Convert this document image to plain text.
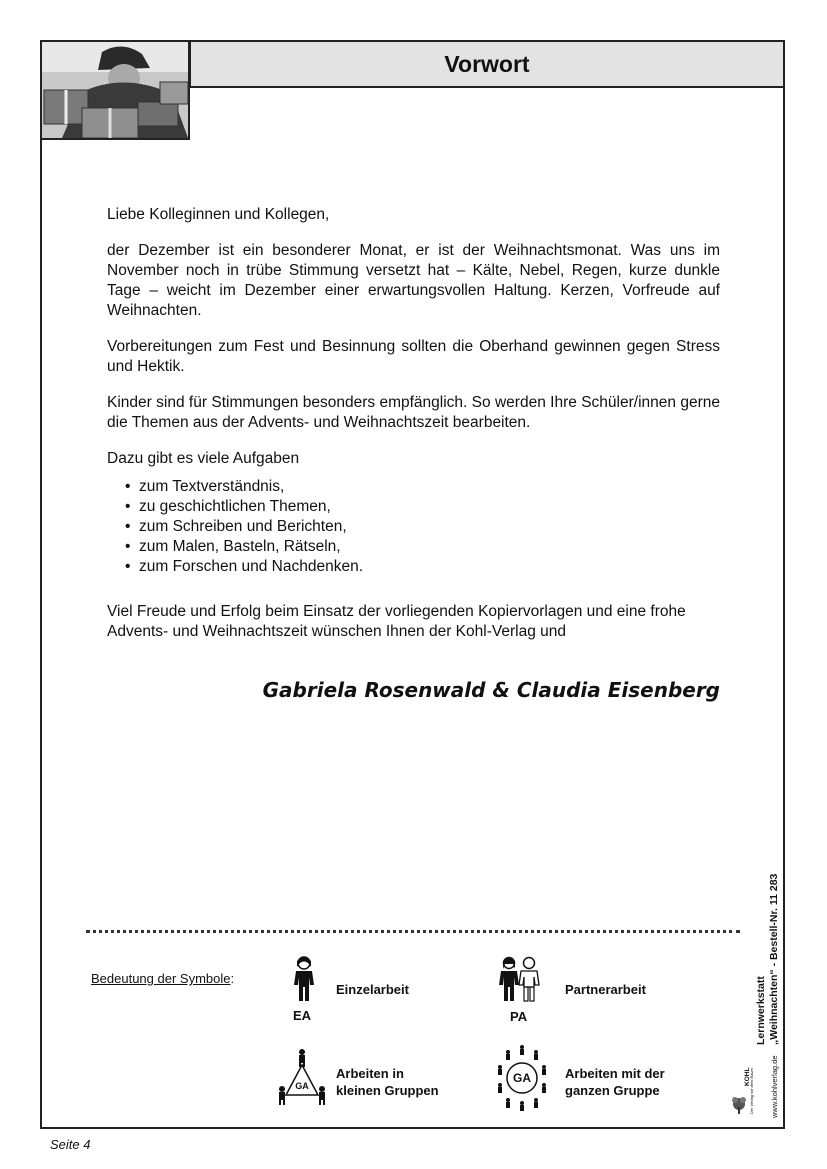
Vorwort

Liebe Kolleginnen und Kollegen,

der Dezember ist ein besonderer Monat, er ist der Weihnachtsmonat. Was uns im November noch in trübe Stimmung versetzt hat – Kälte, Nebel, Regen, kurze dunkle Tage – weicht im Dezember einer erwartungsvollen Haltung. Kerzen, Vorfreude auf Weihnachten.

Vorbereitungen zum Fest und Besinnung sollten die Oberhand gewinnen gegen Stress und Hektik.

Kinder sind für Stimmungen besonders empfänglich. So werden Ihre Schüler/innen gerne die Themen aus der Advents- und Weihnachtszeit bearbeiten.

Dazu gibt es viele Aufgaben

• zum Textverständnis,
• zu geschichtlichen Themen,
• zum Schreiben und Berichten,
• zum Malen, Basteln, Rätseln,
• zum Forschen und Nachdenken.
Viel Freude und Erfolg beim Einsatz der vorliegenden Kopiervorlagen und eine frohe Advents- und Weihnachtszeit wünschen Ihnen der Kohl-Verlag und
Gabriela Rosenwald & Claudia Eisenberg
Bedeutung der Symbole:
EA
Einzelarbeit
PA
Partnerarbeit
GA
Arbeiten in
kleinen Gruppen
GA	Arbeiten mit der
ganzen Gruppe
Lernwerkstatt „Weihnachten“ - Bestell-Nr. 11 283
www.kohlverlag.de
KOHL
Der Verlag mit dem Baum
Seite 4
